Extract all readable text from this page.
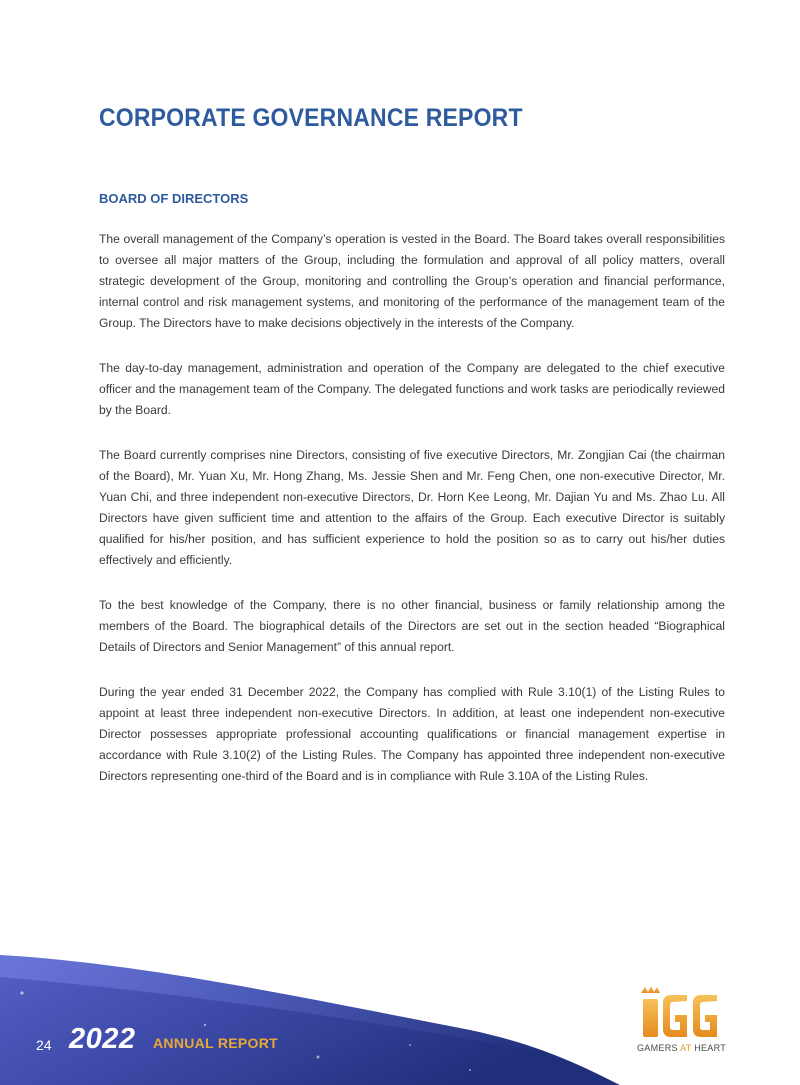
CORPORATE GOVERNANCE REPORT
BOARD OF DIRECTORS

The overall management of the Company’s operation is vested in the Board. The Board takes overall responsibilities to oversee all major matters of the Group, including the formulation and approval of all policy matters, overall strategic development of the Group, monitoring and controlling the Group’s operation and financial performance, internal control and risk management systems, and monitoring of the performance of the management team of the Group. The Directors have to make decisions objectively in the interests of the Company.

The day-to-day management, administration and operation of the Company are delegated to the chief executive officer and the management team of the Company. The delegated functions and work tasks are periodically reviewed by the Board.

The Board currently comprises nine Directors, consisting of five executive Directors, Mr. Zongjian Cai (the chairman of the Board), Mr. Yuan Xu, Mr. Hong Zhang, Ms. Jessie Shen and Mr. Feng Chen, one non-executive Director, Mr. Yuan Chi, and three independent non-executive Directors, Dr. Horn Kee Leong, Mr. Dajian Yu and Ms. Zhao Lu. All Directors have given sufficient time and attention to the affairs of the Group. Each executive Director is suitably qualified for his/her position, and has sufficient experience to hold the position so as to carry out his/her duties effectively and efficiently.

To the best knowledge of the Company, there is no other financial, business or family relationship among the members of the Board. The biographical details of the Directors are set out in the section headed “Biographical Details of Directors and Senior Management” of this annual report.

During the year ended 31 December 2022, the Company has complied with Rule 3.10(1) of the Listing Rules to appoint at least three independent non-executive Directors. In addition, at least one independent non-executive Director possesses appropriate professional accounting qualifications or financial management expertise in accordance with Rule 3.10(2) of the Listing Rules. The Company has appointed three independent non-executive Directors representing one-third of the Board and is in compliance with Rule 3.10A of the Listing Rules.

24 2022 ANNUAL REPORT	GAMERS AT HEART
